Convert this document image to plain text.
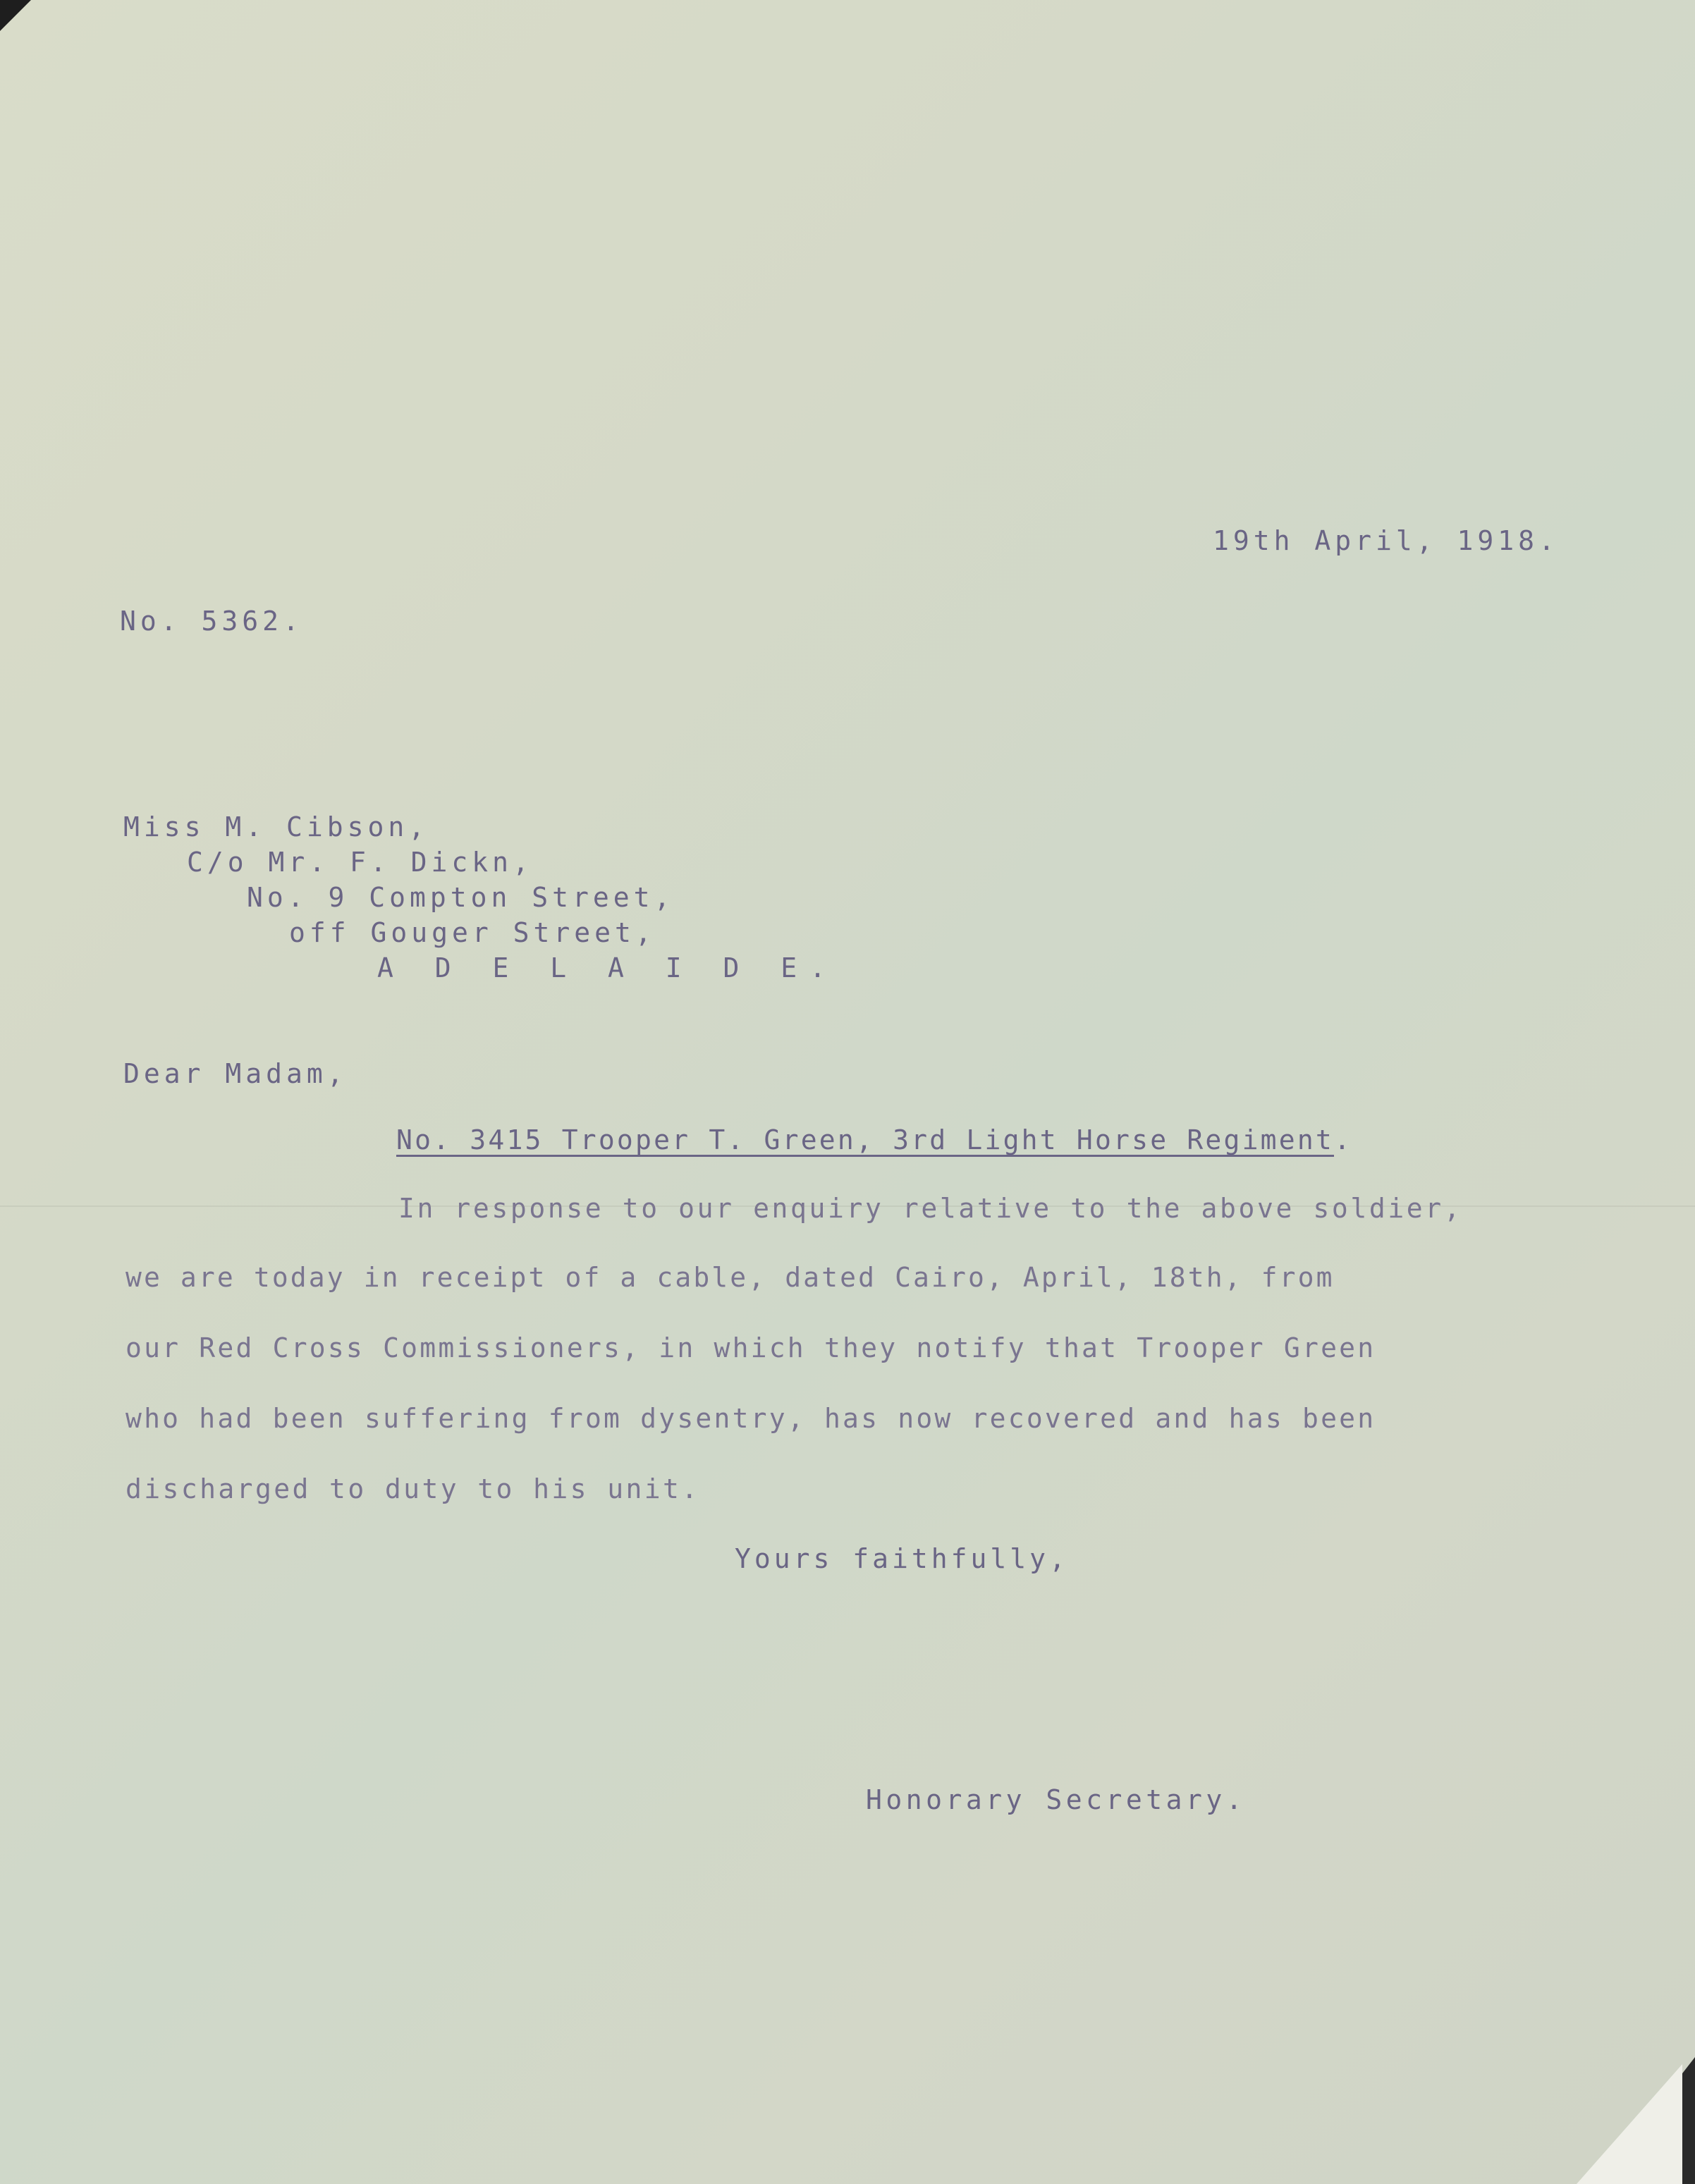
19th April, 1918.
No. 5362.
Miss M. Cibson,
C/o Mr. F. Dickn,
No. 9 Compton Street,
off Gouger Street,
A D E L A I D E.
Dear Madam,
No. 3415 Trooper T. Green, 3rd Light Horse Regiment.
In response to our enquiry relative to the above soldier,
we are today in receipt of a cable, dated Cairo, April, 18th, from
our Red Cross Commissioners, in which they notify that Trooper Green
who had been suffering from dysentry, has now recovered and has been
discharged to duty to his unit.
Yours faithfully,
Honorary Secretary.
